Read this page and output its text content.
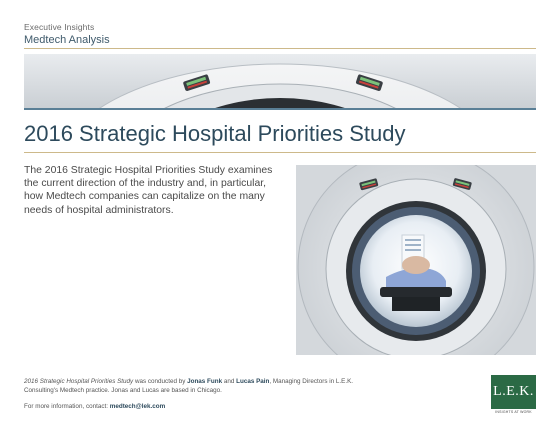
Executive Insights
Medtech Analysis
2016 Strategic Hospital Priorities Study

The 2016 Strategic Hospital Priorities Study examines the current direction of the industry and, in particular, how Medtech companies can capitalize on the many needs of hospital administrators.

2016 Strategic Hospital Priorities Study was conducted by Jonas Funk and Lucas Pain, Managing Directors in L.E.K. Consulting's Medtech practice. Jonas and Lucas are based in Chicago.

For more information, contact: medtech@lek.com

L.E.K.
INSIGHTS AT WORK
